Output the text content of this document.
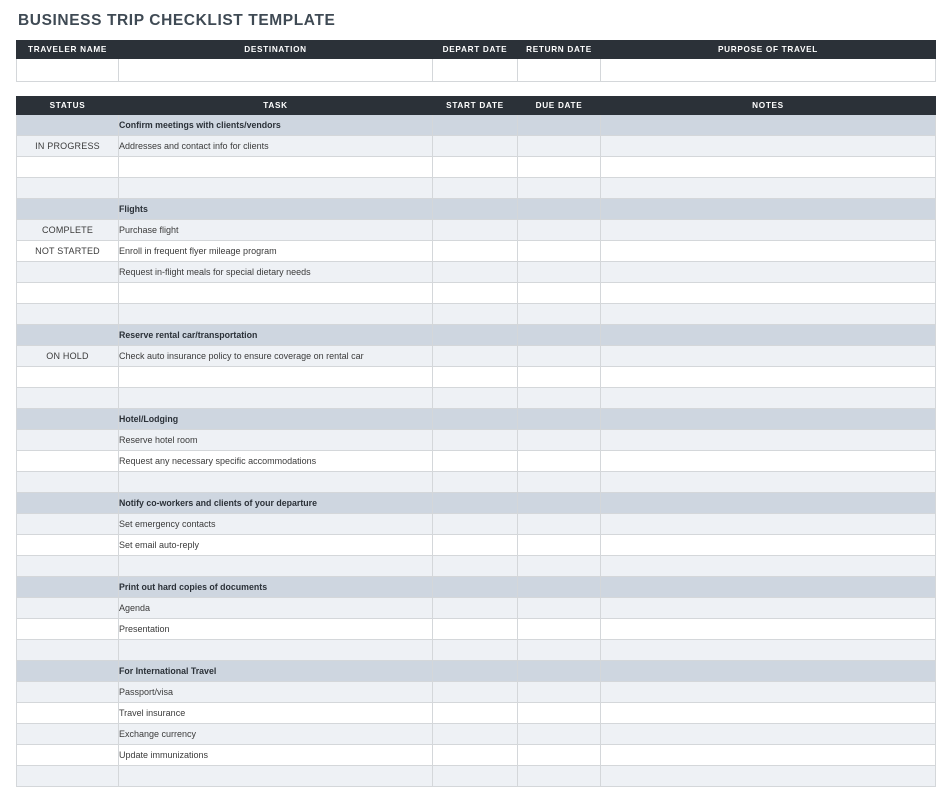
BUSINESS TRIP CHECKLIST TEMPLATE
TRAVELER NAME	DESTINATION	DEPART DATE	RETURN DATE	PURPOSE OF TRAVEL

STATUS	TASK	START DATE	DUE DATE	NOTES
	Confirm meetings with clients/vendors			
IN PROGRESS	Addresses and contact info for clients			

	Flights			
COMPLETE	Purchase flight			
NOT STARTED	Enroll in frequent flyer mileage program			
	Request in-flight meals for special dietary needs			

	Reserve rental car/transportation			
ON HOLD	Check auto insurance policy to ensure coverage on rental car			

	Hotel/Lodging			
	Reserve hotel room			
	Request any necessary specific accommodations			

	Notify co-workers and clients of your departure			
	Set emergency contacts			
	Set email auto-reply			

	Print out hard copies of documents			
	Agenda			
	Presentation			

	For International Travel			
	Passport/visa			
	Travel insurance			
	Exchange currency			
	Update immunizations			
